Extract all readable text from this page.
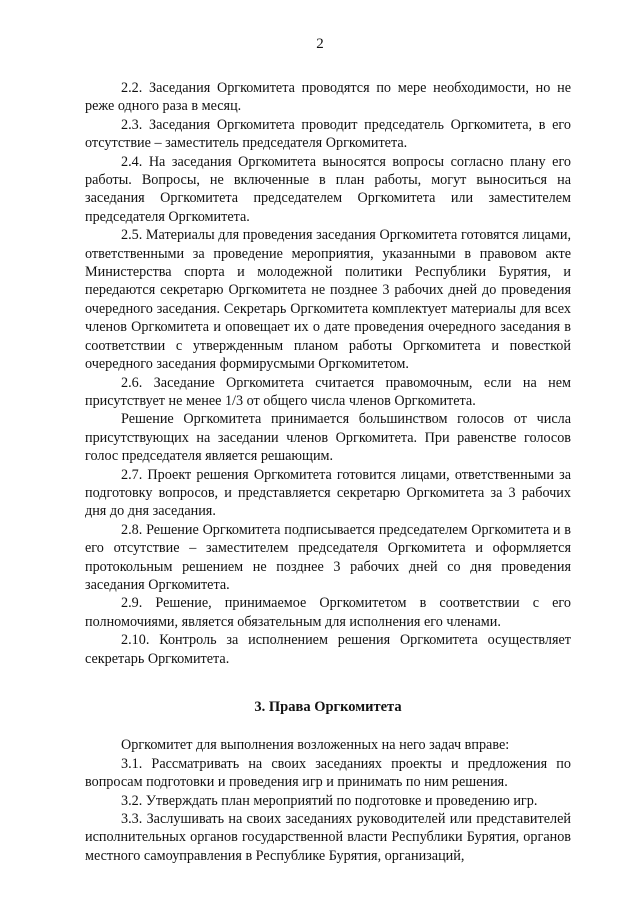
2

2.2. Заседания Оргкомитета проводятся по мере необходимости, но не реже одного раза в месяц.

2.3. Заседания Оргкомитета проводит председатель Оргкомитета, в его отсутствие – заместитель председателя Оргкомитета.

2.4. На заседания Оргкомитета выносятся вопросы согласно плану его работы. Вопросы, не включенные в план работы, могут выноситься на заседания Оргкомитета председателем Оргкомитета или заместителем председателя Оргкомитета.

2.5. Материалы для проведения заседания Оргкомитета готовятся лицами, ответственными за проведение мероприятия, указанными в правовом акте Министерства спорта и молодежной политики Республики Бурятия, и передаются секретарю Оргкомитета не позднее 3 рабочих дней до проведения очередного заседания. Секретарь Оргкомитета комплектует материалы для всех членов Оргкомитета и оповещает их о дате проведения очередного заседания в соответствии с утвержденным планом работы Оргкомитета и повесткой очередного заседания формирусмыми Оргкомитетом.

2.6. Заседание Оргкомитета считается правомочным, если на нем присутствует не менее 1/3 от общего числа членов Оргкомитета.

Решение Оргкомитета принимается большинством голосов от числа присутствующих на заседании членов Оргкомитета. При равенстве голосов голос председателя является решающим.

2.7. Проект решения Оргкомитета готовится лицами, ответственными за подготовку вопросов, и представляется секретарю Оргкомитета за 3 рабочих дня до дня заседания.

2.8. Решение Оргкомитета подписывается председателем Оргкомитета и в его отсутствие – заместителем председателя Оргкомитета и оформляется протокольным решением не позднее 3 рабочих дней со дня проведения заседания Оргкомитета.

2.9. Решение, принимаемое Оргкомитетом в соответствии с его полномочиями, является обязательным для исполнения его членами.

2.10. Контроль за исполнением решения Оргкомитета осуществляет секретарь Оргкомитета.

3. Права Оргкомитета

Оргкомитет для выполнения возложенных на него задач вправе:

3.1. Рассматривать на своих заседаниях проекты и предложения по вопросам подготовки и проведения игр и принимать по ним решения.

3.2. Утверждать план мероприятий по подготовке и проведению игр.

3.3. Заслушивать на своих заседаниях руководителей или представителей исполнительных органов государственной власти Республики Бурятия, органов местного самоуправления в Республике Бурятия, организаций,
